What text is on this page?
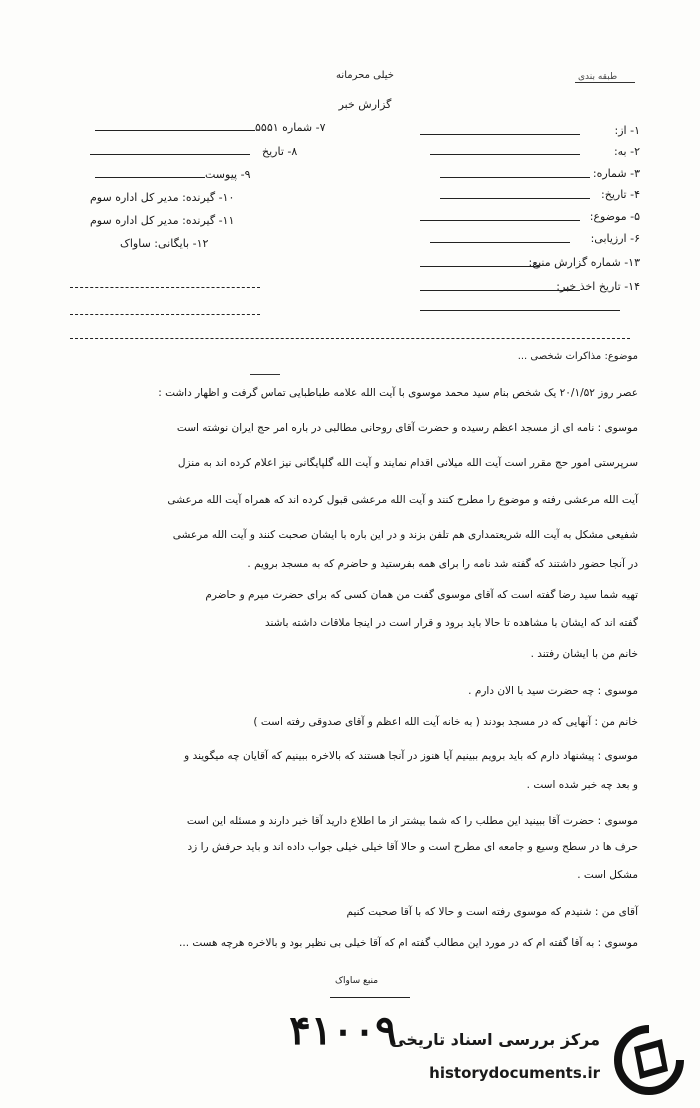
خیلی محرمانه
گزارش خبر
طبقه بندی
۱- از:
۲- به:
۳- شماره:
۴- تاریخ:
۵- موضوع:
۶- ارزیابی:
۱۳- شماره گزارش منبع:
۱۴- تاریخ اخذ خبر:
۷- شماره ۵۵۵۱
۸- تاریخ
۹- پیوست
۱۰- گیرنده: مدیر کل اداره سوم
۱۱- گیرنده: مدیر کل اداره سوم
۱۲- بایگانی: ساواک
موضوع: مذاکرات شخصی ...
عصر روز ۲۰/۱/۵۲ یک شخص بنام سید محمد موسوی با آیت الله علامه طباطبایی تماس گرفت و اظهار داشت :
موسوی : نامه ای از مسجد اعظم رسیده و حضرت آقای روحانی مطالبی در باره امر حج ایران نوشته است
سرپرستی امور حج مقرر است آیت الله میلانی اقدام نمایند و آیت الله گلپایگانی نیز اعلام کرده اند به منزل
آیت الله مرعشی رفته و موضوع را مطرح کنند و آیت الله مرعشی قبول کرده اند که همراه آیت الله مرعشی
شفیعی مشکل به آیت الله شریعتمداری هم تلفن بزند و در این باره با ایشان صحبت کنند و آیت الله مرعشی
در آنجا حضور داشتند که گفته شد نامه را برای همه بفرستید و حاضرم که به مسجد برویم .
تهیه شما سید رضا گفته است که آقای موسوی گفت من همان کسی که برای حضرت میرم و حاضرم
گفته اند که ایشان با مشاهده تا حالا باید برود و قرار است در اینجا ملاقات داشته باشند
خانم من با ایشان رفتند .
موسوی : چه حضرت سید با الان دارم .
خانم من : آنهایی که در مسجد بودند ( به خانه آیت الله اعظم و آقای صدوقی رفته است )
موسوی : پیشنهاد دارم که باید برویم ببینیم آیا هنوز در آنجا هستند که بالاخره ببینیم که آقایان چه میگویند و
و بعد چه خبر شده است .
موسوی : حضرت آقا ببینید این مطلب را که شما بیشتر از ما اطلاع دارید آقا خبر دارند و مسئله این است
حرف ها در سطح وسیع و جامعه ای مطرح است و حالا آقا خیلی خیلی جواب داده اند و باید حرفش را زد
مشکل است .
آقای من : شنیدم که موسوی رفته است و حالا که با آقا صحبت کنیم
موسوی : به آقا گفته ام که در مورد این مطالب گفته ام که آقا خیلی بی نظیر بود و بالاخره هرچه هست ...
منبع ساواک
۴۱۰۰۹
مرکز بررسی اسناد تاریخی
historydocuments.ir
